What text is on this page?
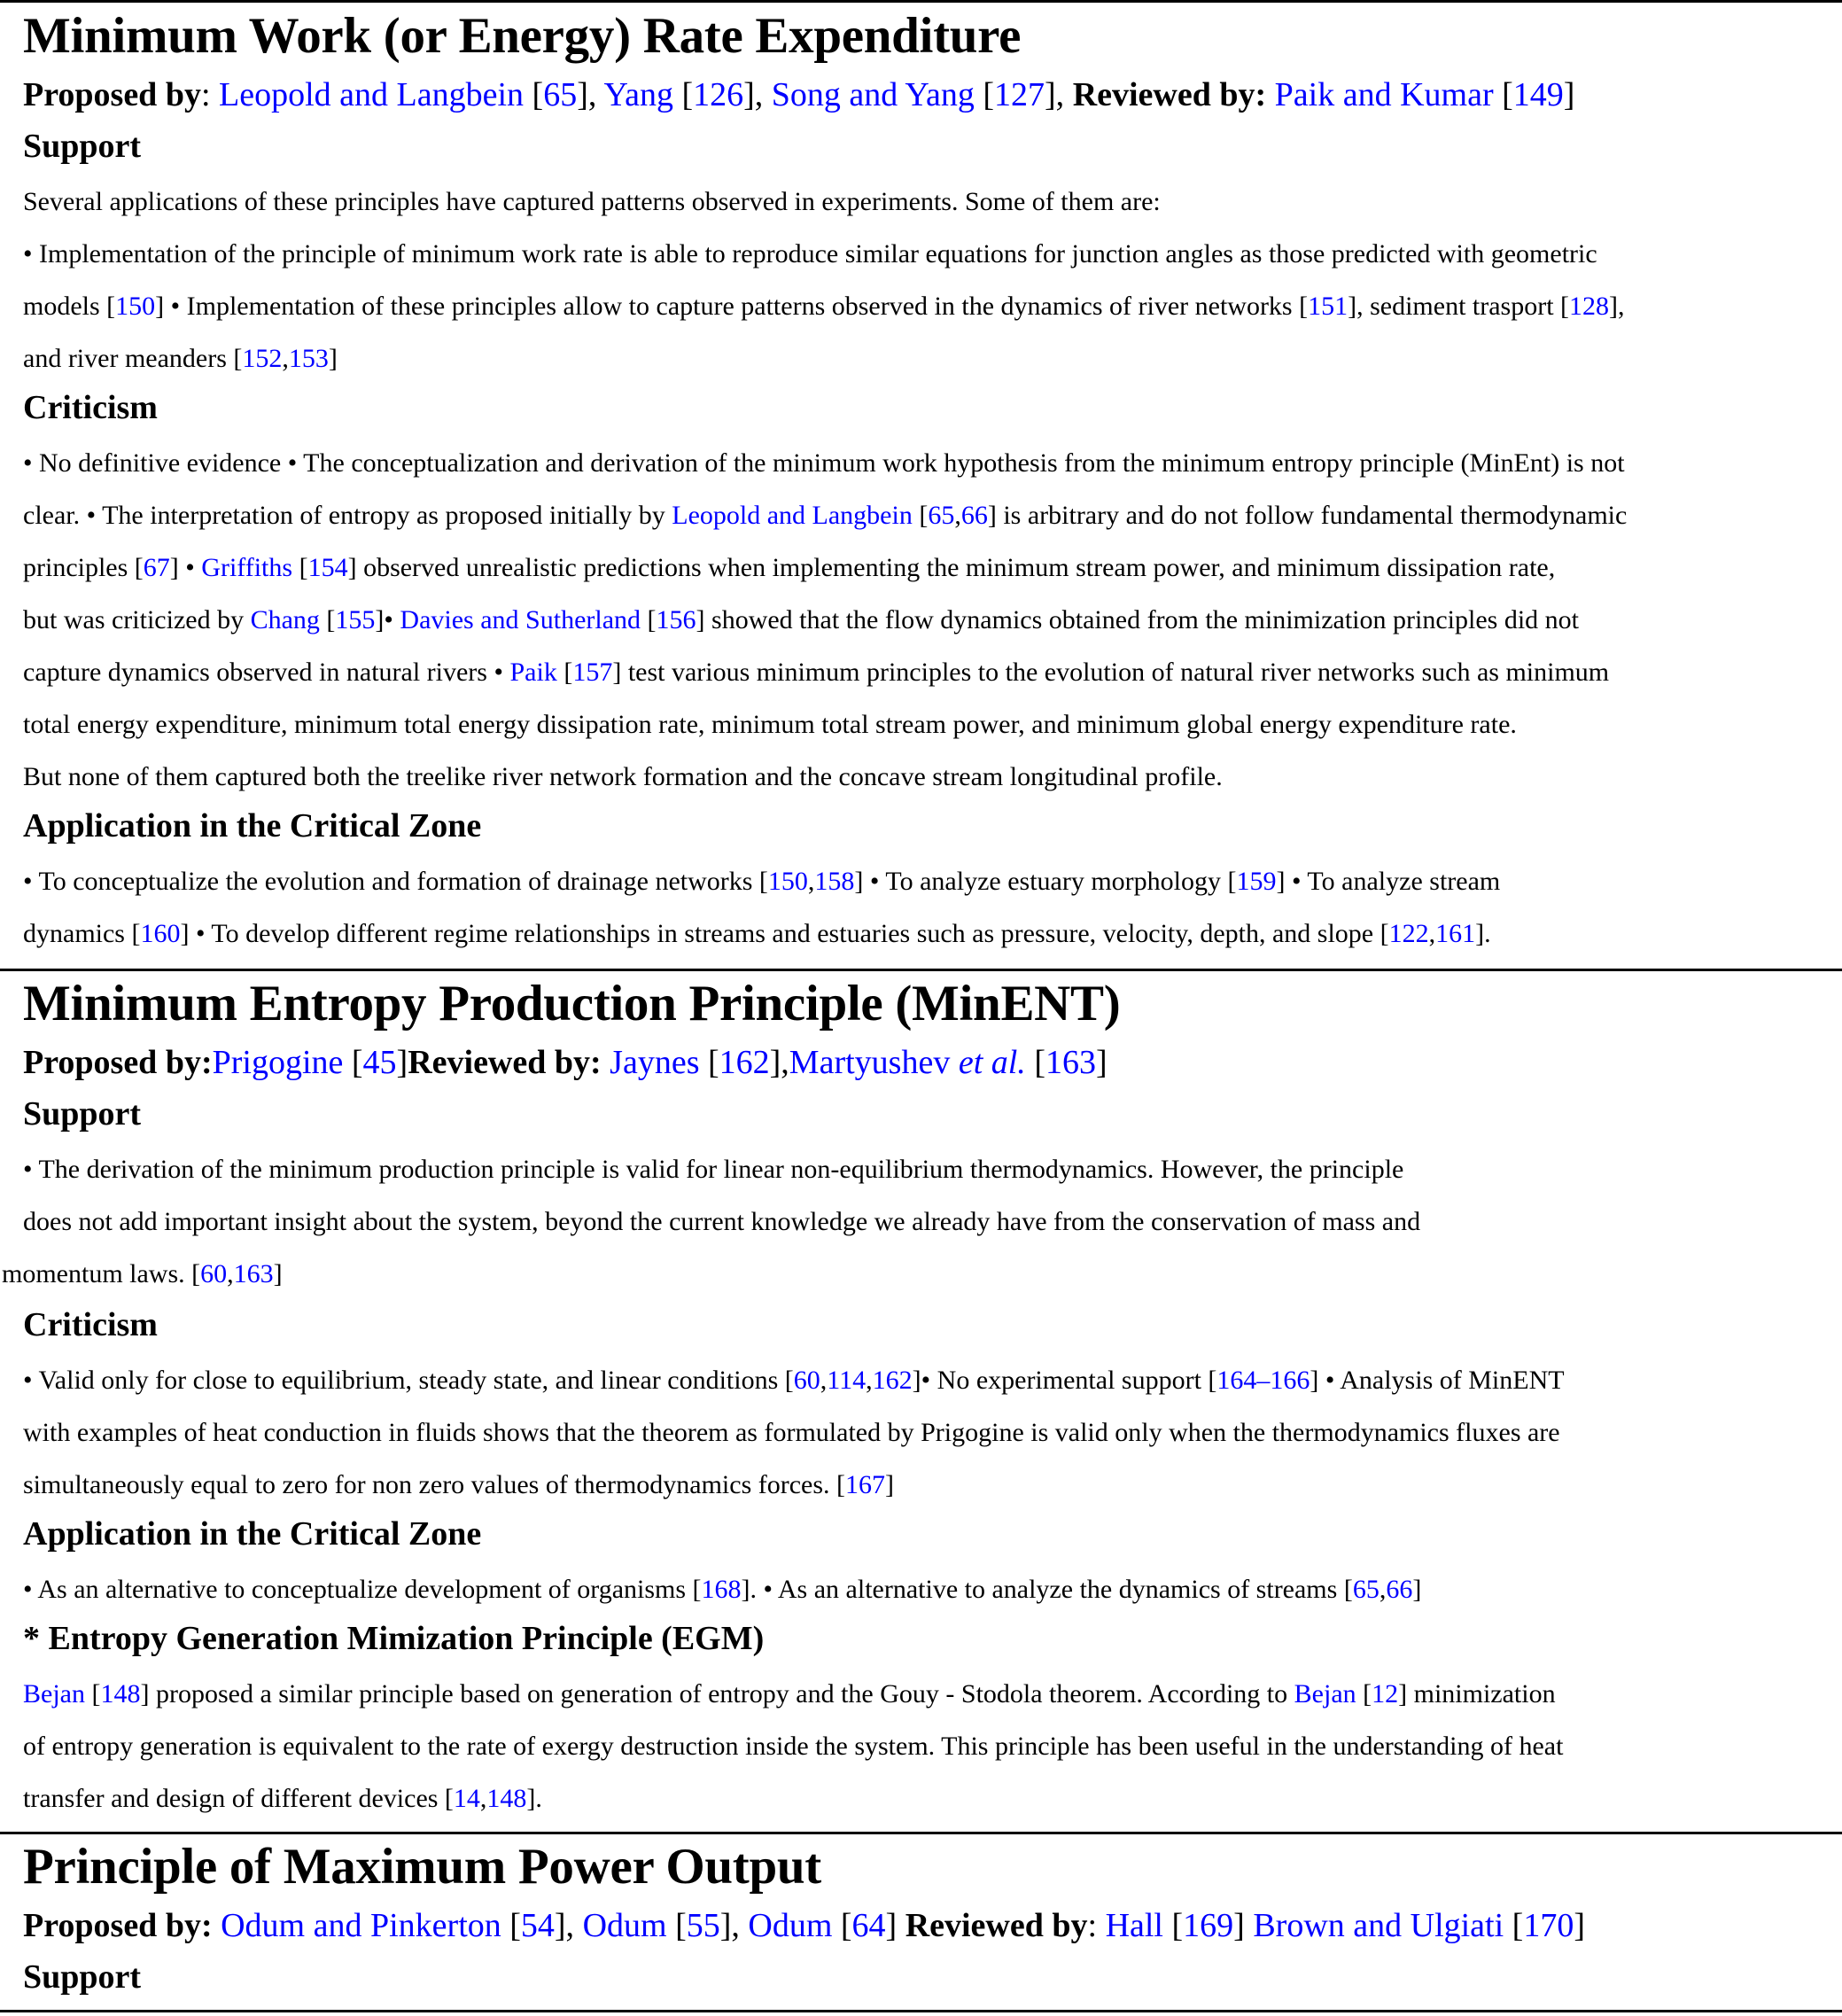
Minimum Work (or Energy) Rate Expenditure
Proposed by: Leopold and Langbein [65], Yang [126], Song and Yang [127], Reviewed by: Paik and Kumar [149]
Support
Several applications of these principles have captured patterns observed in experiments. Some of them are:
• Implementation of the principle of minimum work rate is able to reproduce similar equations for junction angles as those predicted with geometric
models [150] • Implementation of these principles allow to capture patterns observed in the dynamics of river networks [151], sediment trasport [128],
and river meanders [152,153]
Criticism
• No definitive evidence • The conceptualization and derivation of the minimum work hypothesis from the minimum entropy principle (MinEnt) is not
clear. • The interpretation of entropy as proposed initially by Leopold and Langbein [65,66] is arbitrary and do not follow fundamental thermodynamic
principles [67] • Griffiths [154] observed unrealistic predictions when implementing the minimum stream power, and minimum dissipation rate,
but was criticized by Chang [155]• Davies and Sutherland [156] showed that the flow dynamics obtained from the minimization principles did not
capture dynamics observed in natural rivers • Paik [157] test various minimum principles to the evolution of natural river networks such as minimum
total energy expenditure, minimum total energy dissipation rate, minimum total stream power, and minimum global energy expenditure rate.
But none of them captured both the treelike river network formation and the concave stream longitudinal profile.
Application in the Critical Zone
• To conceptualize the evolution and formation of drainage networks [150,158] • To analyze estuary morphology [159] • To analyze stream
dynamics [160] • To develop different regime relationships in streams and estuaries such as pressure, velocity, depth, and slope [122,161].
Minimum Entropy Production Principle (MinENT)
Proposed by:Prigogine [45]Reviewed by: Jaynes [162],Martyushev et al. [163]
Support
• The derivation of the minimum production principle is valid for linear non-equilibrium thermodynamics. However, the principle
does not add important insight about the system, beyond the current knowledge we already have from the conservation of mass and
momentum laws. [60,163]
Criticism
• Valid only for close to equilibrium, steady state, and linear conditions [60,114,162]• No experimental support [164–166] • Analysis of MinENT
with examples of heat conduction in fluids shows that the theorem as formulated by Prigogine is valid only when the thermodynamics fluxes are
simultaneously equal to zero for non zero values of thermodynamics forces. [167]
Application in the Critical Zone
• As an alternative to conceptualize development of organisms [168]. • As an alternative to analyze the dynamics of streams [65,66]
* Entropy Generation Mimization Principle (EGM)
Bejan [148] proposed a similar principle based on generation of entropy and the Gouy - Stodola theorem. According to Bejan [12] minimization
of entropy generation is equivalent to the rate of exergy destruction inside the system. This principle has been useful in the understanding of heat
transfer and design of different devices [14,148].
Principle of Maximum Power Output
Proposed by: Odum and Pinkerton [54], Odum [55], Odum [64] Reviewed by: Hall [169] Brown and Ulgiati [170]
Support
